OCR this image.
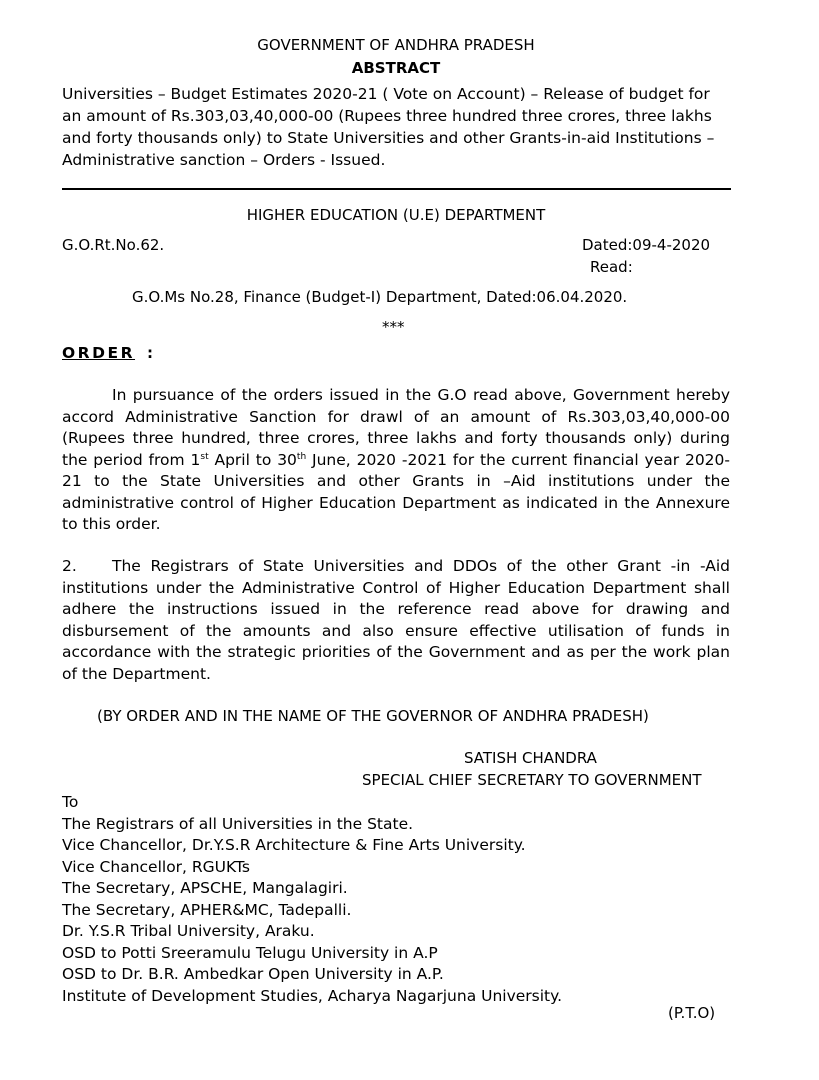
GOVERNMENT OF ANDHRA PRADESH
ABSTRACT
Universities – Budget Estimates 2020-21 ( Vote on Account) – Release of budget for
an amount of Rs.303,03,40,000-00 (Rupees three hundred three crores, three lakhs
and forty thousands only) to State Universities and other Grants-in-aid Institutions –
Administrative sanction – Orders - Issued.
HIGHER EDUCATION (U.E) DEPARTMENT
G.O.Rt.No.62.	Dated:09-4-2020
Read:
G.O.Ms No.28, Finance (Budget-I) Department, Dated:06.04.2020.
***
ORDER :
In pursuance of the orders issued in the G.O read above, Government hereby accord Administrative Sanction for drawl of an amount of Rs.303,03,40,000-00 (Rupees three hundred, three crores, three lakhs and forty thousands only) during the period from 1st April to 30th June, 2020 -2021 for the current financial year 2020-21 to the State Universities and other Grants in –Aid institutions under the administrative control of Higher Education Department as indicated in the Annexure to this order.
2. The Registrars of State Universities and DDOs of the other Grant -in -Aid institutions under the Administrative Control of Higher Education Department shall adhere the instructions issued in the reference read above for drawing and disbursement of the amounts and also ensure effective utilisation of funds in accordance with the strategic priorities of the Government and as per the work plan of the Department.
(BY ORDER AND IN THE NAME OF THE GOVERNOR OF ANDHRA PRADESH)
SATISH CHANDRA
SPECIAL CHIEF SECRETARY TO GOVERNMENT
To
The Registrars of all Universities in the State.
Vice Chancellor, Dr.Y.S.R Architecture & Fine Arts University.
Vice Chancellor, RGUKTs
The Secretary, APSCHE, Mangalagiri.
The Secretary, APHER&MC, Tadepalli.
Dr. Y.S.R Tribal University, Araku.
OSD to Potti Sreeramulu Telugu University in A.P
OSD to Dr. B.R. Ambedkar Open University in A.P.
Institute of Development Studies, Acharya Nagarjuna University.
(P.T.O)
